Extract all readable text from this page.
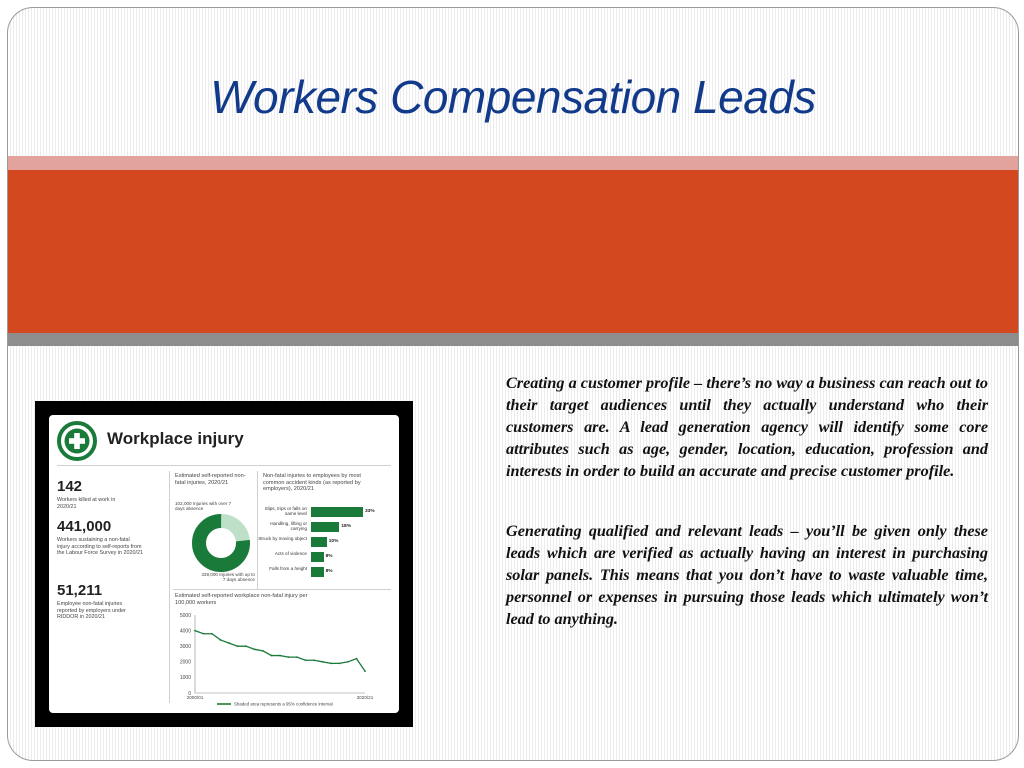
Workers Compensation Leads

Creating a customer profile – there’s no way a business can reach out to their target audiences until they actually understand who their customers are. A lead generation agency will identify some core attributes such as age, gender, location, education, profession and interests in order to build an accurate and precise customer profile.

Generating qualified and relevant leads – you’ll be given only these leads which are verified as actually having an interest in purchasing solar panels. This means that you don’t have to waste valuable time, personnel or expenses in pursuing those leads which ultimately won’t lead to anything.

Workplace injury
142
Workers killed at work in 2020/21
441,000
Workers sustaining a non-fatal injury according to self-reports from the Labour Force Survey in 2020/21
51,211
Employee non-fatal injuries reported by employers under RIDDOR in 2020/21
Estimated self-reported non-fatal injuries, 2020/21
102,000 Injuries with over 7 days absence
339,000 Injuries with up to 7 days absence
Non-fatal injuries to employees by most common accident kinds (as reported by employers), 2020/21
Slips, trips or falls on same level	33%
Handling, lifting or carrying	18%
Struck by moving object
10%
Acts of violence
8%
Falls from a height
8%
Estimated self-reported workplace non-fatal injury per 100,000 workers
0
1000
2000
3000
4000
5000
2000/01	2020/21
Shaded area represents a 95% confidence interval
